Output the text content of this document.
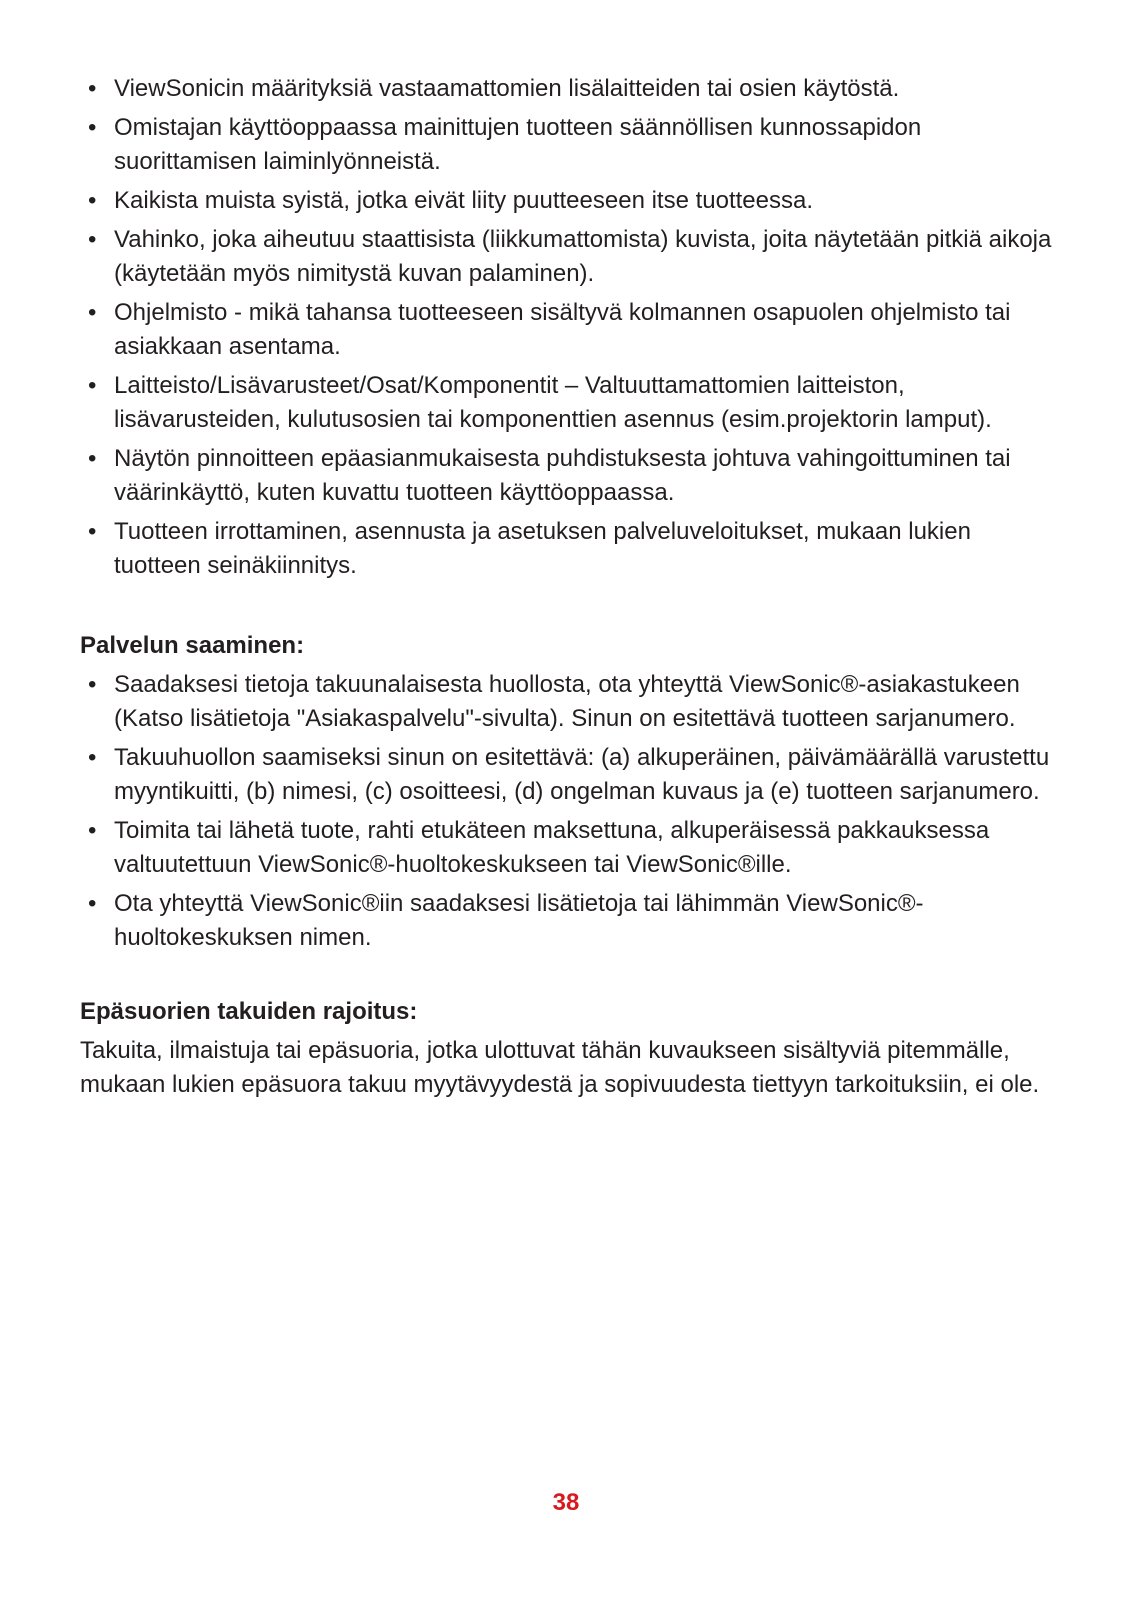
• ViewSonicin määrityksiä vastaamattomien lisälaitteiden tai osien käytöstä.
• Omistajan käyttöoppaassa mainittujen tuotteen säännöllisen kunnossapidon suorittamisen laiminlyönneistä.
• Kaikista muista syistä, jotka eivät liity puutteeseen itse tuotteessa.
• Vahinko, joka aiheutuu staattisista (liikkumattomista) kuvista, joita näytetään pitkiä aikoja (käytetään myös nimitystä kuvan palaminen).
• Ohjelmisto - mikä tahansa tuotteeseen sisältyvä kolmannen osapuolen ohjelmisto tai asiakkaan asentama.
• Laitteisto/Lisävarusteet/Osat/Komponentit – Valtuuttamattomien laitteiston, lisävarusteiden, kulutusosien tai komponenttien asennus (esim.projektorin lamput).
• Näytön pinnoitteen epäasianmukaisesta puhdistuksesta johtuva vahingoittuminen tai väärinkäyttö, kuten kuvattu tuotteen käyttöoppaassa.
• Tuotteen irrottaminen, asennusta ja asetuksen palveluveloitukset, mukaan lukien tuotteen seinäkiinnitys.
Palvelun saaminen:
• Saadaksesi tietoja takuunalaisesta huollosta, ota yhteyttä ViewSonic®-asiakastukeen (Katso lisätietoja "Asiakaspalvelu"-sivulta). Sinun on esitettävä tuotteen sarjanumero.
• Takuuhuollon saamiseksi sinun on esitettävä: (a) alkuperäinen, päivämäärällä varustettu myyntikuitti, (b) nimesi, (c) osoitteesi, (d) ongelman kuvaus ja (e) tuotteen sarjanumero.
• Toimita tai lähetä tuote, rahti etukäteen maksettuna, alkuperäisessä pakkauksessa valtuutettuun ViewSonic®-huoltokeskukseen tai ViewSonic®ille.
• Ota yhteyttä ViewSonic®iin saadaksesi lisätietoja tai lähimmän ViewSonic®-huoltokeskuksen nimen.
Epäsuorien takuiden rajoitus:

Takuita, ilmaistuja tai epäsuoria, jotka ulottuvat tähän kuvaukseen sisältyviä pitemmälle, mukaan lukien epäsuora takuu myytävyydestä ja sopivuudesta tiettyyn tarkoituksiin, ei ole.

38
